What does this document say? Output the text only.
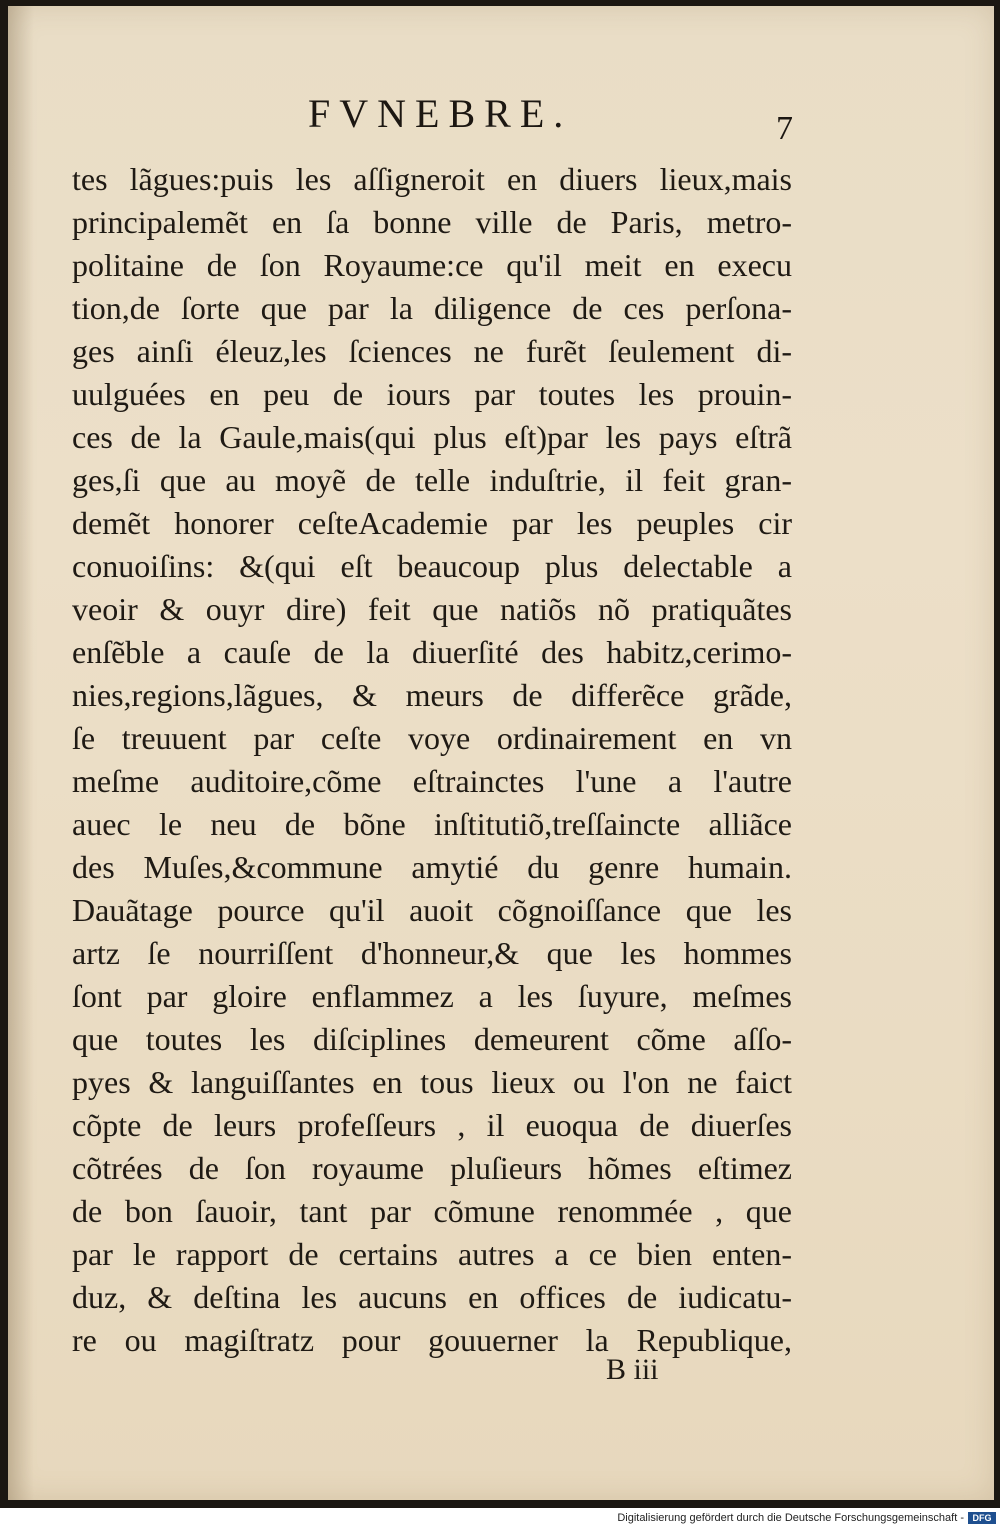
FVNEBRE.	7
tes lãgues:puis les aſſigneroit en diuers lieux,mais
principalemẽt en ſa bonne ville de Paris, metro-
politaine de ſon Royaume:ce qu'il meit en execu
tion,de ſorte que par la diligence de ces perſona-
ges ainſi éleuz,les ſciences ne furẽt ſeulement di-
uulguées en peu de iours par toutes les prouin-
ces de la Gaule,mais(qui plus eſt)par les pays eſtrã
ges,ſi que au moyẽ de telle induſtrie, il feit gran-
demẽt honorer ceſteAcademie par les peuples cir
conuoiſins: &(qui eſt beaucoup plus delectable a
veoir & ouyr dire) feit que natiõs nõ pratiquãtes
enſẽble a cauſe de la diuerſité des habitz,cerimo-
nies,regions,lãgues, & meurs de differẽce grãde,
ſe treuuent par ceſte voye ordinairement en vn
meſme auditoire,cõme eſtrainctes l'une a l'autre
auec le neu de bõne inſtitutiõ,treſſaincte alliãce
des Muſes,&commune amytié du genre humain.
Dauãtage pource qu'il auoit cõgnoiſſance que les
artz ſe nourriſſent d'honneur,& que les hommes
ſont par gloire enflammez a les ſuyure, meſmes
que toutes les diſciplines demeurent cõme aſſo-
pyes & languiſſantes en tous lieux ou l'on ne faict
cõpte de leurs profeſſeurs , il euoqua de diuerſes
cõtrées de ſon royaume pluſieurs hõmes eſtimez
de bon ſauoir, tant par cõmune renommée , que
par le rapport de certains autres a ce bien enten-
duz, & deſtina les aucuns en offices de iudicatu-
re ou magiſtratz pour gouuerner la Republique,
B iii
Digitalisierung gefördert durch die Deutsche Forschungsgemeinschaft - DFG
